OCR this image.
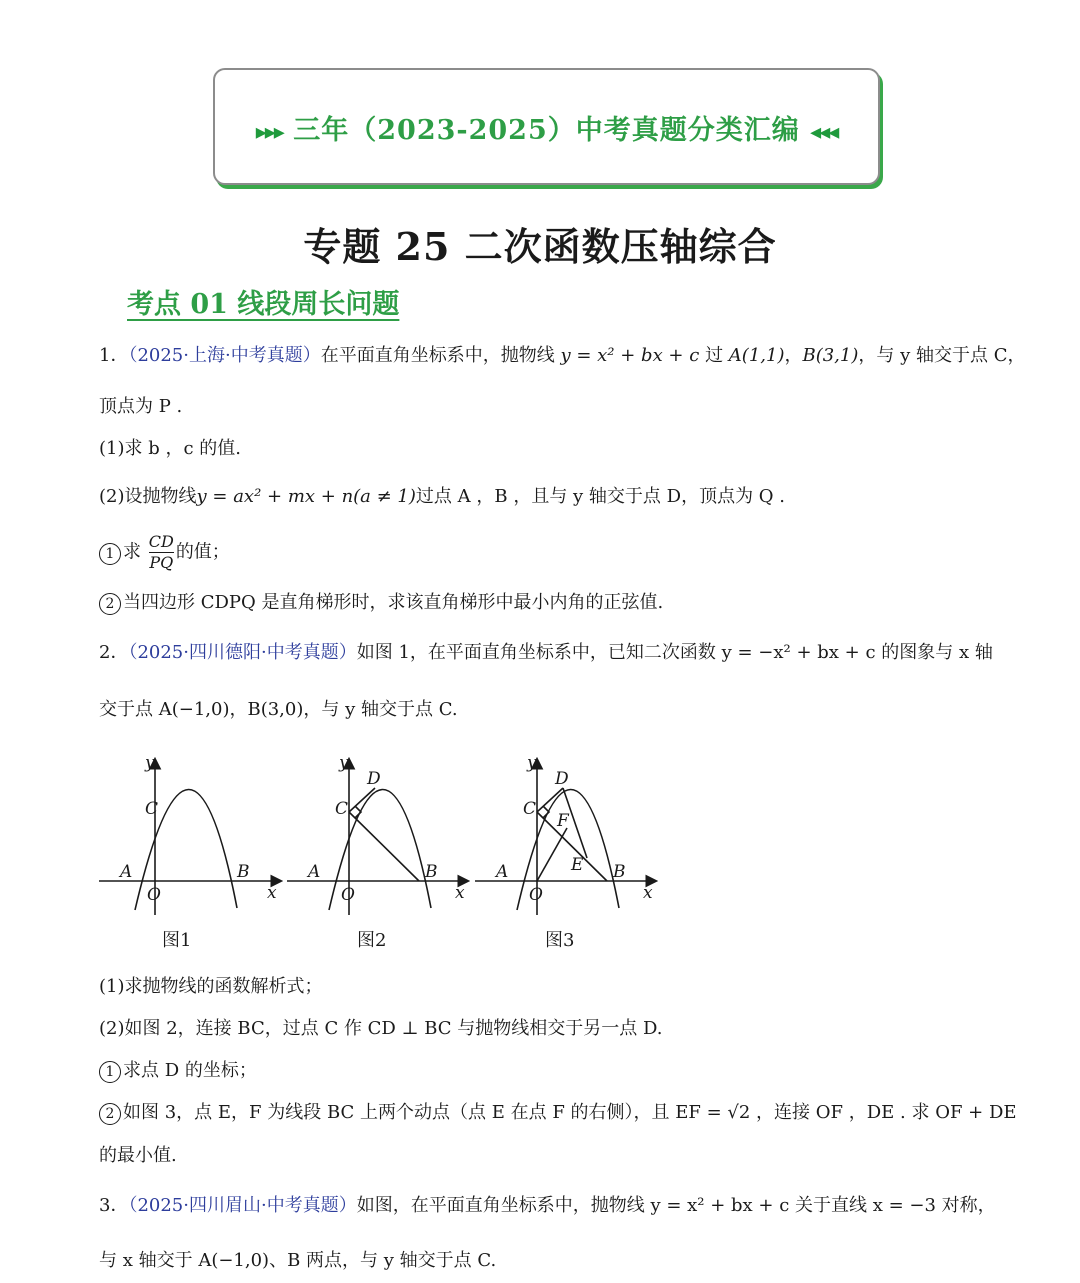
▸▸▸ 三年（2023-2025）中考真题分类汇编 ◂◂◂
专题 25 二次函数压轴综合
考点 01 线段周长问题
1．（2025·上海·中考真题）在平面直角坐标系中，抛物线 y = x² + bx + c 过 A(1,1)，B(3,1)，与 y 轴交于点 C，
顶点为 P .
(1)求 b ，c 的值.
(2)设抛物线y = ax² + mx + n(a ≠ 1)过点 A ，B ，且与 y 轴交于点 D，顶点为 Q .
1 求 $\frac{CD}{PQ}$ 的值；
2 当四边形 CDPQ 是直角梯形时，求该直角梯形中最小内角的正弦值.
2．（2025·四川德阳·中考真题）如图 1，在平面直角坐标系中，已知二次函数 y = −x² + bx + c 的图象与 x 轴
交于点 A(−1,0)，B(3,0)，与 y 轴交于点 C.
x
y
O
A	B
C
x
y
O
A	B
C
D
x
y
O
A	B
C
D
E
F
图1	图2	图3
(1)求抛物线的函数解析式；
(2)如图 2，连接 BC，过点 C 作 CD ⊥ BC 与抛物线相交于另一点 D.
1 求点 D 的坐标；
2 如图 3，点 E，F 为线段 BC 上两个动点（点 E 在点 F 的右侧），且 EF = √2 ，连接 OF ，DE . 求 OF + DE
的最小值.
3．（2025·四川眉山·中考真题）如图，在平面直角坐标系中，抛物线 y = x² + bx + c 关于直线 x = −3 对称，
与 x 轴交于 A(−1,0)、B 两点，与 y 轴交于点 C.
